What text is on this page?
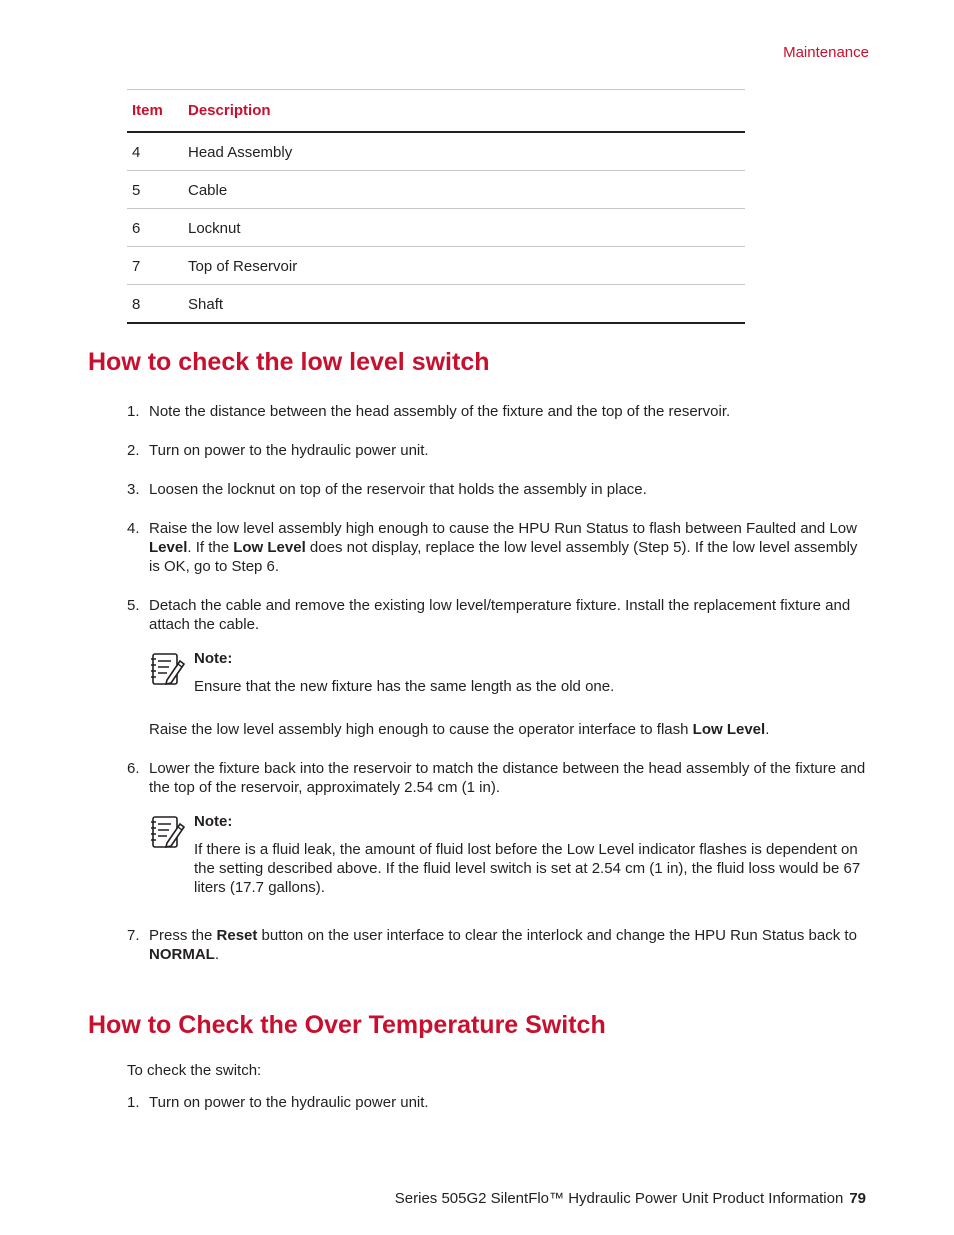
Maintenance
Item	Description
4	Head Assembly
5	Cable
6	Locknut
7	Top of Reservoir
8	Shaft
How to check the low level switch
1. Note the distance between the head assembly of the fixture and the top of the reservoir.
2. Turn on power to the hydraulic power unit.
3. Loosen the locknut on top of the reservoir that holds the assembly in place.
4. Raise the low level assembly high enough to cause the HPU Run Status to flash between Faulted and Low Level. If the Low Level does not display, replace the low level assembly (Step 5). If the low level assembly is OK, go to Step 6.
5. Detach the cable and remove the existing low level/temperature fixture. Install the replacement fixture and attach the cable.
Note:
Ensure that the new fixture has the same length as the old one.
Raise the low level assembly high enough to cause the operator interface to flash Low Level.
6. Lower the fixture back into the reservoir to match the distance between the head assembly of the fixture and the top of the reservoir, approximately 2.54 cm (1 in).
Note:
If there is a fluid leak, the amount of fluid lost before the Low Level indicator flashes is dependent on the setting described above. If the fluid level switch is set at 2.54 cm (1 in), the fluid loss would be 67 liters (17.7 gallons).
7. Press the Reset button on the user interface to clear the interlock and change the HPU Run Status back to NORMAL.
How to Check the Over Temperature Switch
To check the switch:
1. Turn on power to the hydraulic power unit.
Series 505G2 SilentFlo™ Hydraulic Power Unit Product Information 79
